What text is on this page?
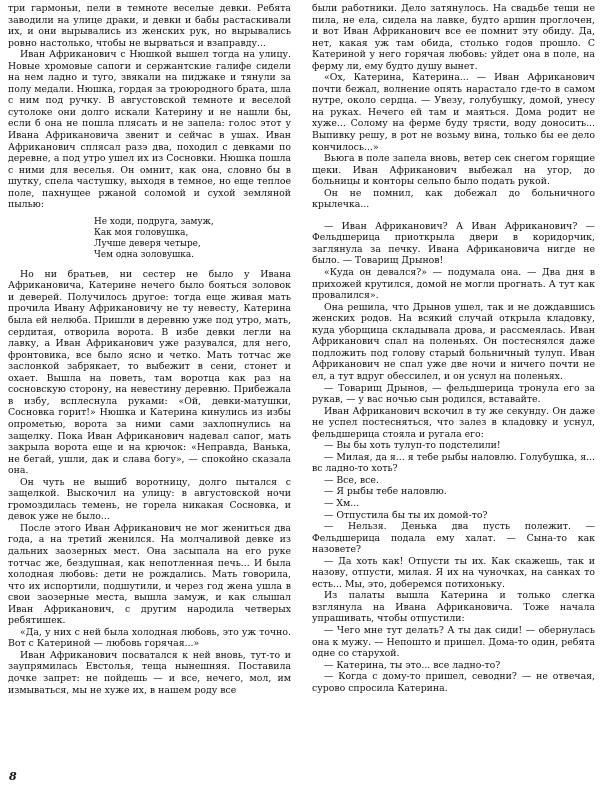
три гармоньи, пели в темноте веселые девки. Ребята заводили на улице драки, и девки и бабы растаскивали их, и они вырывались из женских рук, но вырывались ровно настолько, чтобы не вырваться и взаправду...

Иван Африканович с Нюшкой вышел тогда на улицу. Новые хромовые сапоги и сержантские галифе сидели на нем ладно и туго, звякали на пиджаке и тянули за полу медали. Нюшка, гордая за троюродного брата, шла с ним под ручку. В августовской темноте и веселой сутолоке они долго искали Катерину и не нашли бы, если б она не пошла плясать и не запела: голос этот у Ивана Африкановича звенит и сейчас в ушах. Иван Африканович сплясал разэ два, походил с девками по деревне, а под утро ушел их из Сосновки. Нюшка пошла с ними для веселья. Он омнит, как она, словно бы в шутку, спела частушку, выходя в темное, но еще теплое поле, пахнущее ржаной соломой и сухой земляной пылью:

Не ходи, подруга, замуж,
Как моя головушка,
Лучше деверя четыре,
Чем одна золовушка.

Но ни братьев, ни сестер не было у Ивана Африкановича, Катерине нечего было бояться золовок и деверей. Получилось другое: тогда еще живая мать прочила Ивану Африкановичу не ту невесту, Катерина была ей нелюба. Пришли в деревню уже под утро, мать, сердитая, отворила ворота. В избе девки легли на лавку, а Иван Африканович уже разувался, для него, фронтовика, все было ясно и четко. Мать тотчас же заслонкой забрякает, то выбежит в сени, стонет и охает. Вышла на поветь, там воротца как раз на сосновскую сторону, на невестину деревню. Прибежала в избу, всплеснула руками: «Ой, девки-матушки, Сосновка горит!» Нюшка и Катерина кинулись из избы опрометью, ворота за ними сами захлопнулись на защелку. Пока Иван Африканович надевал сапог, мать закрыла ворота еще и на крючок: «Неправда, Ванька, не бегай, ушли, дак и слава богу», — спокойно сказала она.

Он чуть не вышиб воротницу, долго пытался с защелкой. Выскочил на улицу: в августовской ночи громоздилась темень, не горела никакая Сосновка, и девок уже не было...

После этого Иван Африканович не мог жениться два года, а на третий женился. На молчаливой девке из дальних заозерных мест. Она засыпала на его руке тотчас же, бездушная, как непотленная печь... И была холодная любовь: дети не рождались. Мать говорила, что их испортили, подшутили, и через год жена ушла в свои заозерные места, вышла замуж, и как слышал Иван Африканович, с другим народила четверых ребятишек.

«Да, у них с ней была холодная любовь, это уж точно. Вот с Катериной — любовь горячая...»

Иван Африканович посватался к ней вновь, тут-то и заупрямилась Евстолья, теща нынешняя. Поставила дочке запрет: не пойдешь — и все, нечего, мол, им измываться, мы не хуже их, в нашем роду все

были работники. Дело затянулось. На свадьбе тещи не пила, не ела, сидела на лавке, будто аршин проглочен, и вот Иван Африканович все ее помнит эту обиду. Да, нет, какая уж там обида, столько годов прошло. С Катериной у него горячая любовь: уйдет она в поле, на ферму ли, ему будто душу вынет.

«Ох, Катерина, Катерина... — Иван Африканович почти бежал, волнение опять нарастало где-то в самом нутре, около сердца. — Увезу, голубушку, домой, унесу на руках. Нечего ей там и маяться. Дома родит не хуже... Солому на ферме буду трясти, воду доносить... Выпивку решу, в рот не возьму вина, только бы ее дело кончилось...»

Вьюга в поле запела вновь, ветер сек снегом горящие щеки. Иван Африканович выбежал на угор, до больницы и конторы сельпо было подать рукой.

Он не помнил, как добежал до больничного крылечка...

— Иван Африканович? А Иван Африканович? — Фельдшерица приоткрыла двери в коридорчик, заглянула за печку. Ивана Африкановича нигде не было. — Товарищ Дрынов!

«Куда он девался?» — подумала она. — Два дня в прихожей крутился, домой не могли прогнать. А тут как провалился».

Она решила, что Дрынов ушел, так и не дождавшись женских родов. На всякий случай открыла кладовку, куда уборщица складывала дрова, и рассмеялась. Иван Африканович спал на поленьях. Он постеснялся даже подложить под голову старый больничный тулуп. Иван Африканович не спал уже две ночи и ничего почти не ел, а тут вдруг обессилел, и он уснул на поленьях.

— Товарищ Дрынов, — фельдшерица тронула его за рукав, — у вас ночью сын родился, вставайте.

Иван Африканович вскочил в ту же секунду. Он даже не успел постесняться, что залез в кладовку и уснул, фельдшерица стояла и ругала его:

— Вы бы хоть тулуп-то подстелили!

— Милая, да я... я тебе рыбы наловлю. Голубушка, я... вс ладно-то хоть?

— Все, все.

— Я рыбы тебе наловлю.

— Хм...

— Отпустила бы ты их домой-то?

— Нельзя. Денька два пусть полежит. — Фельдшерица подала ему халат. — Сына-то как назовете?

— Да хоть как! Отпусти ты их. Как скажешь, так и назову, отпусти, милая. Я их на чуночках, на санках то есть... Мы, это, доберемся потихоньку.

Из палаты вышла Катерина и только слегка взглянула на Ивана Африкановича. Тоже начала упрашивать, чтобы отпустили:

— Чего мне тут делать? А ты дак сиди! — обернулась она к мужу. — Непошто и пришел. Дома-то один, ребята одне со старухой.

— Катерина, ты это... все ладно-то?

— Когда с дому-то пришел, севодни? — не отвечая, сурово спросила Катерина.

8
